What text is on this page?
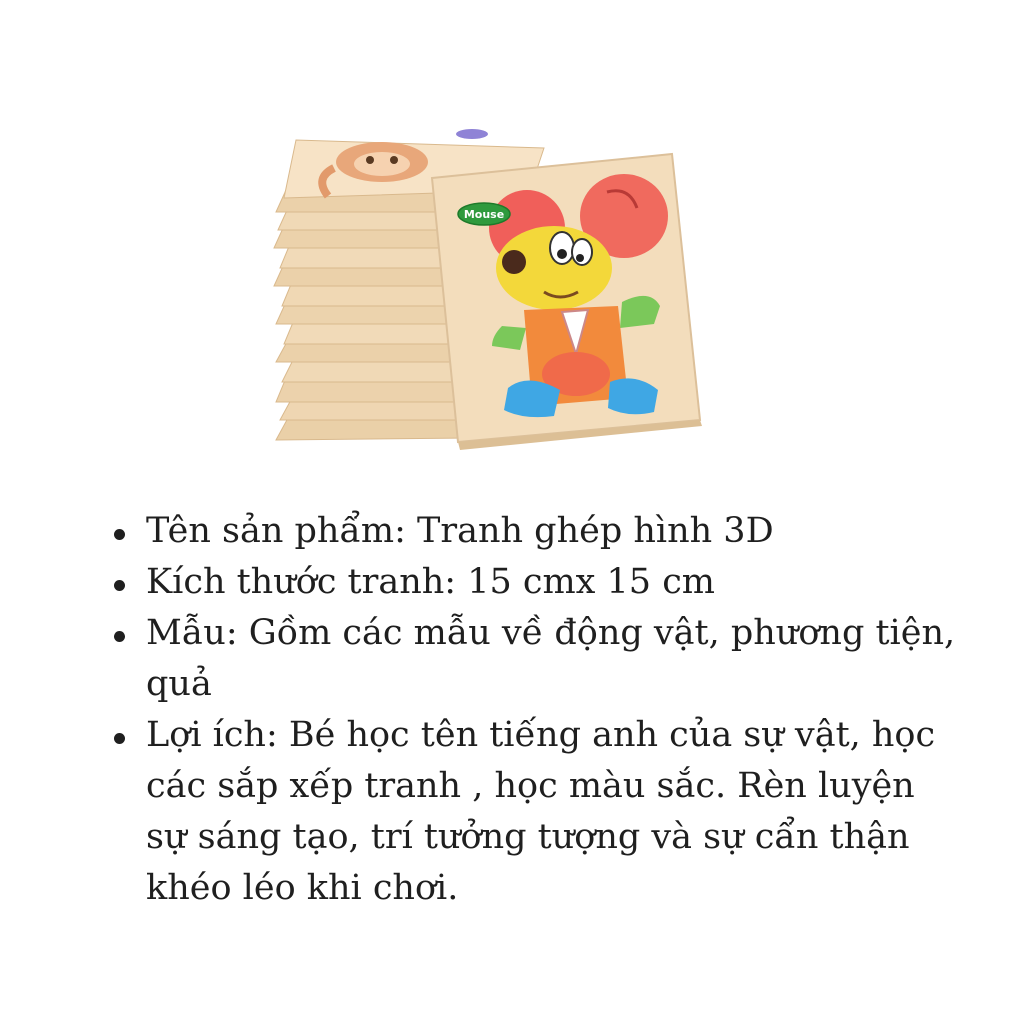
Mouse
Tên sản phẩm: Tranh ghép hình 3D
Kích thước tranh: 15 cmx 15 cm
Mẫu: Gồm các mẫu về động vật, phương tiện, quả
Lợi ích: Bé học tên tiếng anh của sự vật, học các sắp xếp tranh , học màu sắc. Rèn luyện sự sáng tạo, trí tưởng tượng và sự cẩn thận khéo léo khi chơi.
